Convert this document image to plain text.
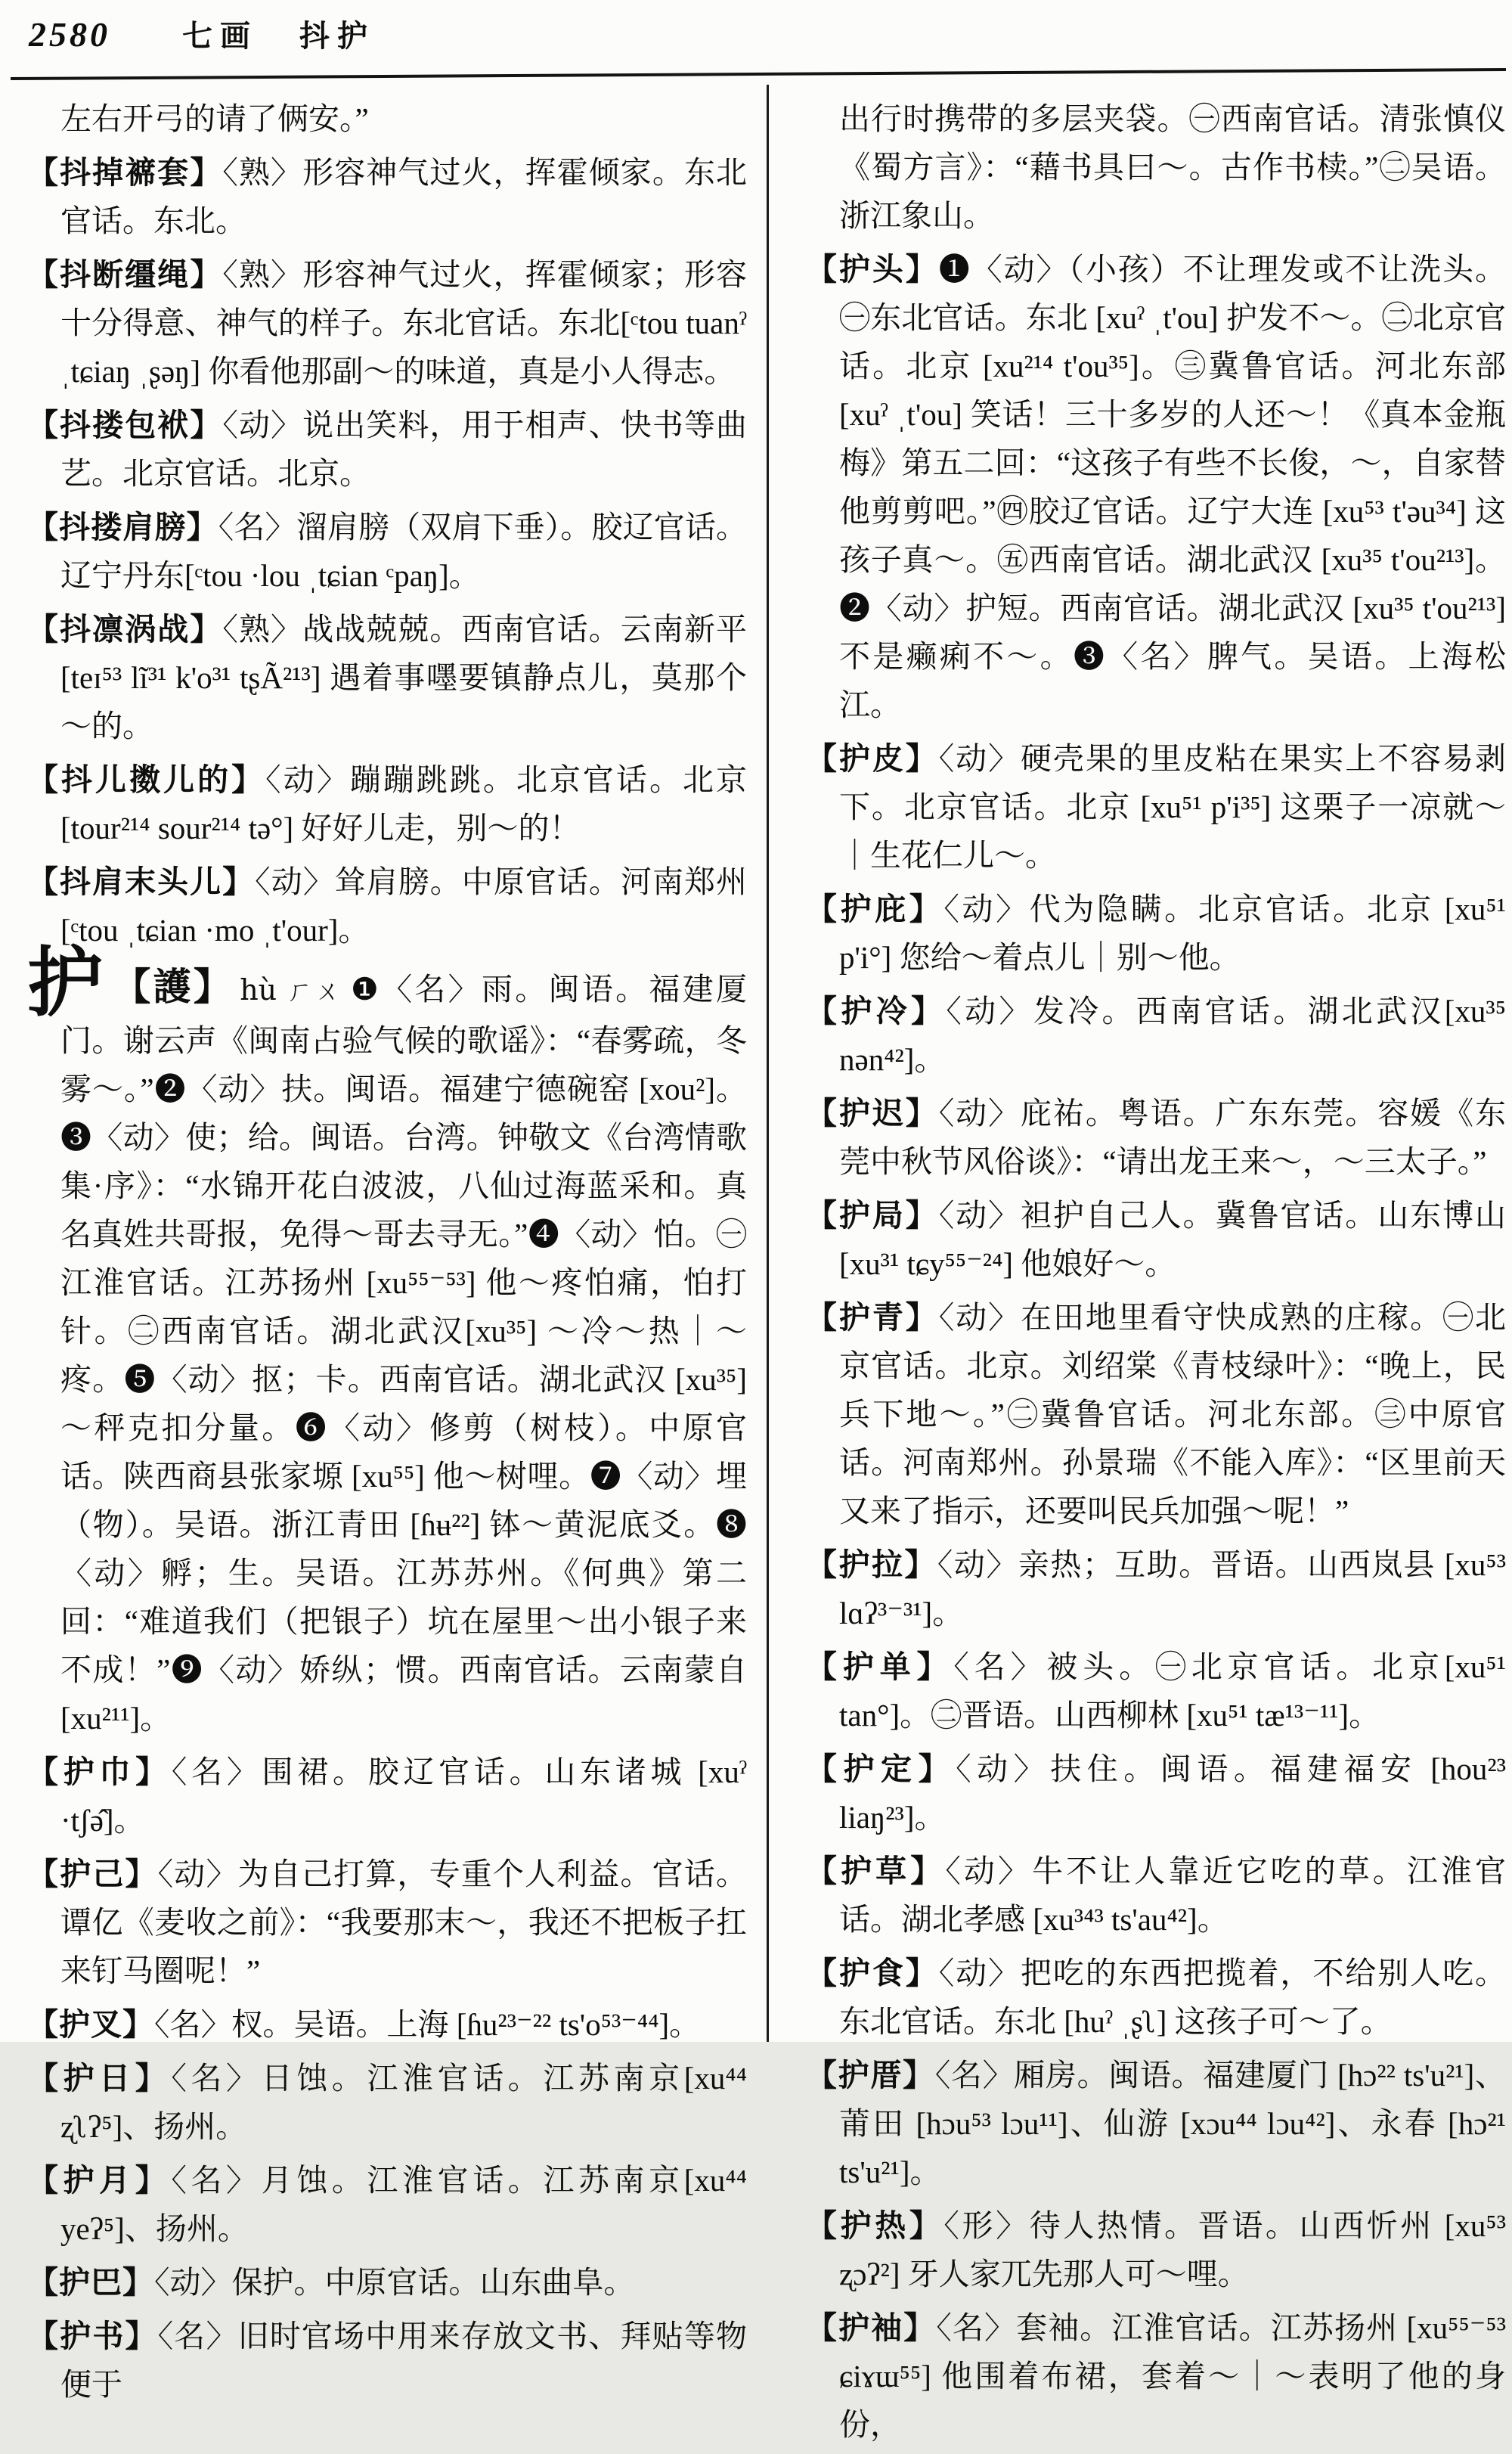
2580 七画 抖护

左右开弓的请了俩安。”

【抖掉褯套】〈熟〉形容神气过火，挥霍倾家。东北官话。东北。

【抖断缰绳】〈熟〉形容神气过火，挥霍倾家；形容十分得意、神气的样子。东北官话。东北[ᶜtou tuanˀ ˌtɕiaŋ ˌʂəŋ] 你看他那副～的味道，真是小人得志。

【抖搂包袱】〈动〉说出笑料，用于相声、快书等曲艺。北京官话。北京。

【抖搂肩膀】〈名〉溜肩膀（双肩下垂）。胶辽官话。辽宁丹东[ᶜtou ·lou ˌtɕian ᶜpaŋ]。

【抖凛涡战】〈熟〉战战兢兢。西南官话。云南新平 [teɪ⁵³ lĩ³¹ k'o³¹ tʂÃ²¹³] 遇着事嚜要镇静点儿，莫那个～的。

【抖儿擞儿的】〈动〉蹦蹦跳跳。北京官话。北京 [tour²¹⁴ sour²¹⁴ tə°] 好好儿走，别～的！

【抖肩末头儿】〈动〉耸肩膀。中原官话。河南郑州[ᶜtou ˌtɕian ·mo ˌt'our]。

护 【護】 hù ㄏㄨ ❶〈名〉雨。闽语。福建厦门。谢云声《闽南占验气候的歌谣》：“春雾疏，冬雾～。”❷〈动〉扶。闽语。福建宁德碗窑 [xou²]。❸〈动〉使；给。闽语。台湾。钟敬文《台湾情歌集·序》：“水锦开花白波波，八仙过海蓝采和。真名真姓共哥报，免得～哥去寻无。”❹〈动〉怕。㊀江淮官话。江苏扬州 [xu⁵⁵⁻⁵³] 他～疼怕痛，怕打针。㊁西南官话。湖北武汉[xu³⁵] ～冷～热｜～疼。❺〈动〉抠；卡。西南官话。湖北武汉 [xu³⁵] ～秤克扣分量。❻〈动〉修剪（树枝）。中原官话。陕西商县张家塬 [xu⁵⁵] 他～树哩。❼〈动〉埋（物）。吴语。浙江青田 [ɦʉ²²] 钵～黄泥底爻。❽〈动〉孵；生。吴语。江苏苏州。《何典》第二回：“难道我们（把银子）坑在屋里～出小银子来不成！”❾〈动〉娇纵；惯。西南官话。云南蒙自 [xu²¹¹]。

【护巾】〈名〉围裙。胶辽官话。山东诸城 [xuˀ ·tʃə̂]。

【护己】〈动〉为自己打算，专重个人利益。官话。谭亿《麦收之前》：“我要那末～，我还不把板子扛来钉马圈呢！”

【护叉】〈名〉杈。吴语。上海 [ɦu²³⁻²² ts'o⁵³⁻⁴⁴]。

【护日】〈名〉日蚀。江淮官话。江苏南京[xu⁴⁴ ʐʅʔ⁵]、扬州。

【护月】〈名〉月蚀。江淮官话。江苏南京[xu⁴⁴ yeʔ⁵]、扬州。

【护巴】〈动〉保护。中原官话。山东曲阜。

【护书】〈名〉旧时官场中用来存放文书、拜贴等物便于

出行时携带的多层夹袋。㊀西南官话。清张慎仪《蜀方言》：“藉书具曰～。古作书椟。”㊁吴语。浙江象山。

【护头】❶〈动〉（小孩）不让理发或不让洗头。㊀东北官话。东北 [xuˀ ˌt'ou] 护发不～。㊁北京官话。北京 [xu²¹⁴ t'ou³⁵]。㊂冀鲁官话。河北东部 [xuˀ ˌt'ou] 笑话！三十多岁的人还～！《真本金瓶梅》第五二回：“这孩子有些不长俊，～，自家替他剪剪吧。”㊃胶辽官话。辽宁大连 [xu⁵³ t'əu³⁴] 这孩子真～。㊄西南官话。湖北武汉 [xu³⁵ t'ou²¹³]。❷〈动〉护短。西南官话。湖北武汉 [xu³⁵ t'ou²¹³] 不是癞痢不～。❸〈名〉脾气。吴语。上海松江。

【护皮】〈动〉硬壳果的里皮粘在果实上不容易剥下。北京官话。北京 [xu⁵¹ p'i³⁵] 这栗子一凉就～｜生花仁儿～。

【护庇】〈动〉代为隐瞒。北京官话。北京 [xu⁵¹ p'i°] 您给～着点儿｜别～他。

【护冷】〈动〉发冷。西南官话。湖北武汉[xu³⁵ nən⁴²]。

【护迟】〈动〉庇祐。粤语。广东东莞。容媛《东莞中秋节风俗谈》：“请出龙王来～，～三太子。”

【护局】〈动〉袒护自己人。冀鲁官话。山东博山[xu³¹ tɕy⁵⁵⁻²⁴] 他娘好～。

【护青】〈动〉在田地里看守快成熟的庄稼。㊀北京官话。北京。刘绍棠《青枝绿叶》：“晚上，民兵下地～。”㊁冀鲁官话。河北东部。㊂中原官话。河南郑州。孙景瑞《不能入库》：“区里前天又来了指示，还要叫民兵加强～呢！”

【护拉】〈动〉亲热；互助。晋语。山西岚县 [xu⁵³ lɑʔ³⁻³¹]。

【护单】〈名〉被头。㊀北京官话。北京[xu⁵¹ tan°]。㊁晋语。山西柳林 [xu⁵¹ tæ¹³⁻¹¹]。

【护定】〈动〉扶住。闽语。福建福安 [hou²³ liaŋ²³]。

【护草】〈动〉牛不让人靠近它吃的草。江淮官话。湖北孝感 [xu³⁴³ ts'au⁴²]。

【护食】〈动〉把吃的东西把揽着，不给别人吃。东北官话。东北 [huˀ ˌʂʅ] 这孩子可～了。

【护厝】〈名〉厢房。闽语。福建厦门 [hɔ²² ts'u²¹]、莆田 [hɔu⁵³ lɔu¹¹]、仙游 [xɔu⁴⁴ lɔu⁴²]、永春 [hɔ²¹ ts'u²¹]。

【护热】〈形〉待人热情。晋语。山西忻州 [xu⁵³ ʐɔʔ²] 牙人家兀先那人可～哩。

【护袖】〈名〉套袖。江淮官话。江苏扬州 [xu⁵⁵⁻⁵³ ɕiɤɯ⁵⁵] 他围着布裙，套着～｜～表明了他的身份，
